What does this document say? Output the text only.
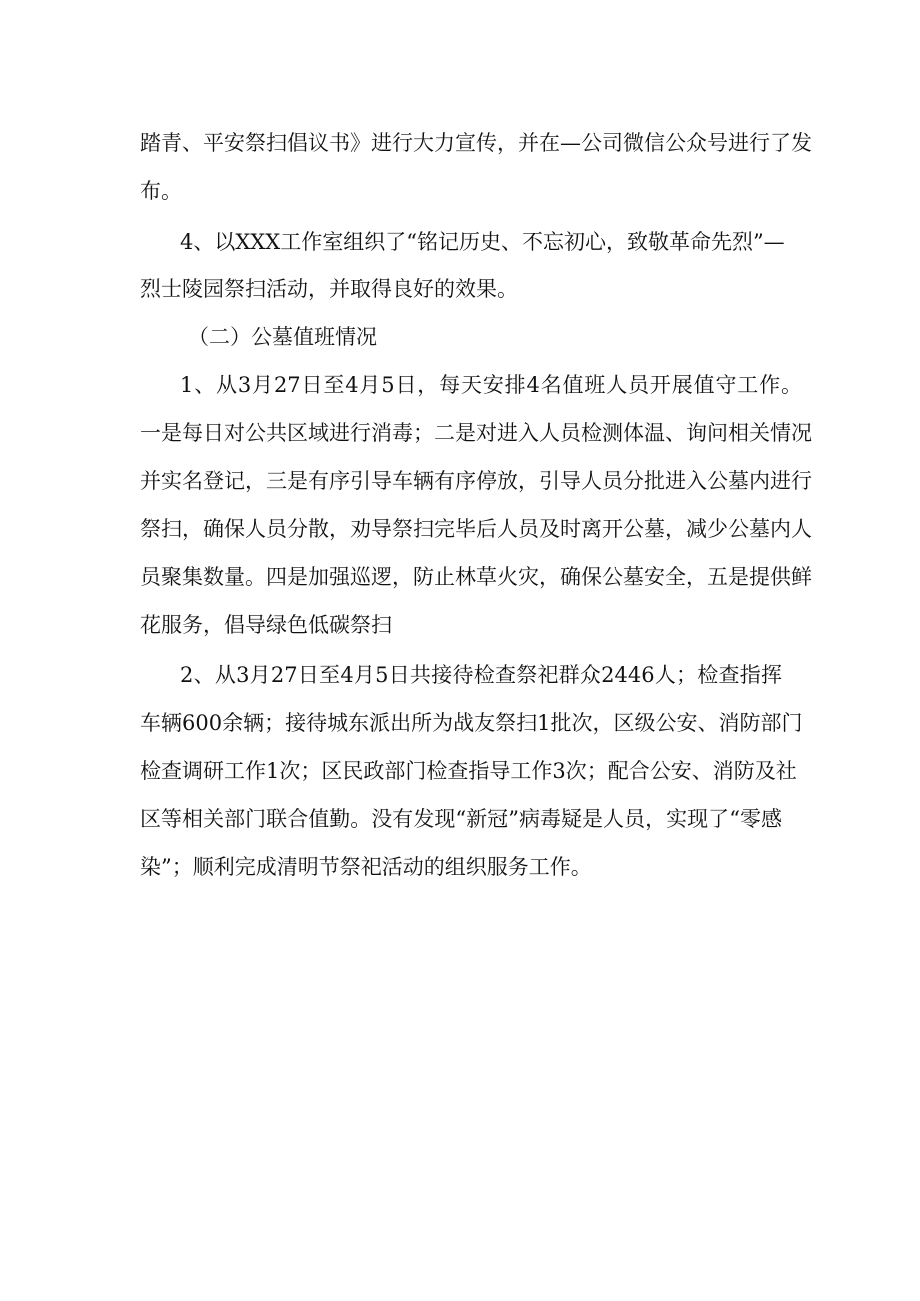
踏青、平安祭扫倡议书》进行大力宣传，并在—公司微信公众号进行了发
布。
4、以XXX工作室组织了“铭记历史、不忘初心，致敬革命先烈”—
烈士陵园祭扫活动，并取得良好的效果。
（二）公墓值班情况
1、从3月27日至4月5日，每天安排4名值班人员开展值守工作。
一是每日对公共区域进行消毒；二是对进入人员检测体温、询问相关情况
并实名登记，三是有序引导车辆有序停放，引导人员分批进入公墓内进行
祭扫，确保人员分散，劝导祭扫完毕后人员及时离开公墓，减少公墓内人
员聚集数量。四是加强巡逻，防止林草火灾，确保公墓安全，五是提供鲜
花服务，倡导绿色低碳祭扫
2、从3月27日至4月5日共接待检查祭祀群众2446人；检查指挥
车辆600余辆；接待城东派出所为战友祭扫1批次，区级公安、消防部门
检查调研工作1次；区民政部门检查指导工作3次；配合公安、消防及社
区等相关部门联合值勤。没有发现“新冠”病毒疑是人员，实现了“零感
染”；顺利完成清明节祭祀活动的组织服务工作。
